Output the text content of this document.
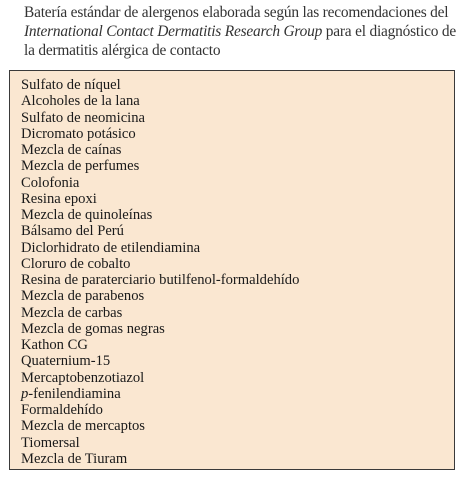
Batería estándar de alergenos elaborada según las recomendaciones del International Contact Dermatitis Research Group para el diagnóstico de la dermatitis alérgica de contacto
Sulfato de níquel
Alcoholes de la lana
Sulfato de neomicina
Dicromato potásico
Mezcla de caínas
Mezcla de perfumes
Colofonia
Resina epoxi
Mezcla de quinoleínas
Bálsamo del Perú
Diclorhidrato de etilendiamina
Cloruro de cobalto
Resina de paraterciario butilfenol-formaldehído
Mezcla de parabenos
Mezcla de carbas
Mezcla de gomas negras
Kathon CG
Quaternium-15
Mercaptobenzotiazol
p-fenilendiamina
Formaldehído
Mezcla de mercaptos
Tiomersal
Mezcla de Tiuram
